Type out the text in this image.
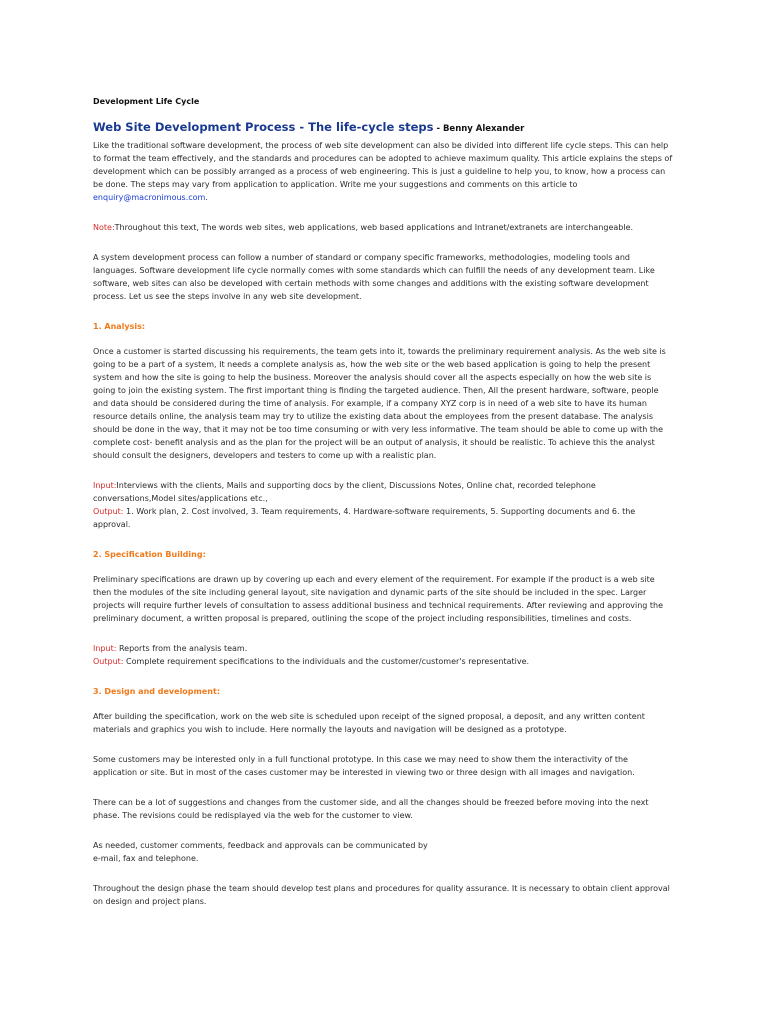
Development Life Cycle
Web Site Development Process - The life-cycle steps - Benny Alexander

Like the traditional software development, the process of web site development can also be divided into different life cycle steps. This can help to format the team effectively, and the standards and procedures can be adopted to achieve maximum quality. This article explains the steps of development which can be possibly arranged as a process of web engineering. This is just a guideline to help you, to know, how a process can be done. The steps may vary from application to application. Write me your suggestions and comments on this article to enquiry@macronimous.com.

Note:Throughout this text, The words web sites, web applications, web based applications and Intranet/extranets are interchangeable.

A system development process can follow a number of standard or company specific frameworks, methodologies, modeling tools and languages. Software development life cycle normally comes with some standards which can fulfill the needs of any development team. Like software, web sites can also be developed with certain methods with some changes and additions with the existing software development process. Let us see the steps involve in any web site development.

1. Analysis:

Once a customer is started discussing his requirements, the team gets into it, towards the preliminary requirement analysis. As the web site is going to be a part of a system, It needs a complete analysis as, how the web site or the web based application is going to help the present system and how the site is going to help the business. Moreover the analysis should cover all the aspects especially on how the web site is going to join the existing system. The first important thing is finding the targeted audience. Then, All the present hardware, software, people and data should be considered during the time of analysis. For example, if a company XYZ corp is in need of a web site to have its human resource details online, the analysis team may try to utilize the existing data about the employees from the present database. The analysis should be done in the way, that it may not be too time consuming or with very less informative. The team should be able to come up with the complete cost- benefit analysis and as the plan for the project will be an output of analysis, it should be realistic. To achieve this the analyst should consult the designers, developers and testers to come up with a realistic plan.

Input:Interviews with the clients, Mails and supporting docs by the client, Discussions Notes, Online chat, recorded telephone conversations,Model sites/applications etc.,

Output: 1. Work plan, 2. Cost involved, 3. Team requirements, 4. Hardware-software requirements, 5. Supporting documents and 6. the approval.

2. Specification Building:

Preliminary specifications are drawn up by covering up each and every element of the requirement. For example if the product is a web site then the modules of the site including general layout, site navigation and dynamic parts of the site should be included in the spec. Larger projects will require further levels of consultation to assess additional business and technical requirements. After reviewing and approving the preliminary document, a written proposal is prepared, outlining the scope of the project including responsibilities, timelines and costs.

Input: Reports from the analysis team.

Output: Complete requirement specifications to the individuals and the customer/customer's representative.

3. Design and development:

After building the specification, work on the web site is scheduled upon receipt of the signed proposal, a deposit, and any written content materials and graphics you wish to include. Here normally the layouts and navigation will be designed as a prototype.

Some customers may be interested only in a full functional prototype. In this case we may need to show them the interactivity of the application or site. But in most of the cases customer may be interested in viewing two or three design with all images and navigation.

There can be a lot of suggestions and changes from the customer side, and all the changes should be freezed before moving into the next phase. The revisions could be redisplayed via the web for the customer to view.

As needed, customer comments, feedback and approvals can be communicated by
e-mail, fax and telephone.

Throughout the design phase the team should develop test plans and procedures for quality assurance. It is necessary to obtain client approval on design and project plans.
